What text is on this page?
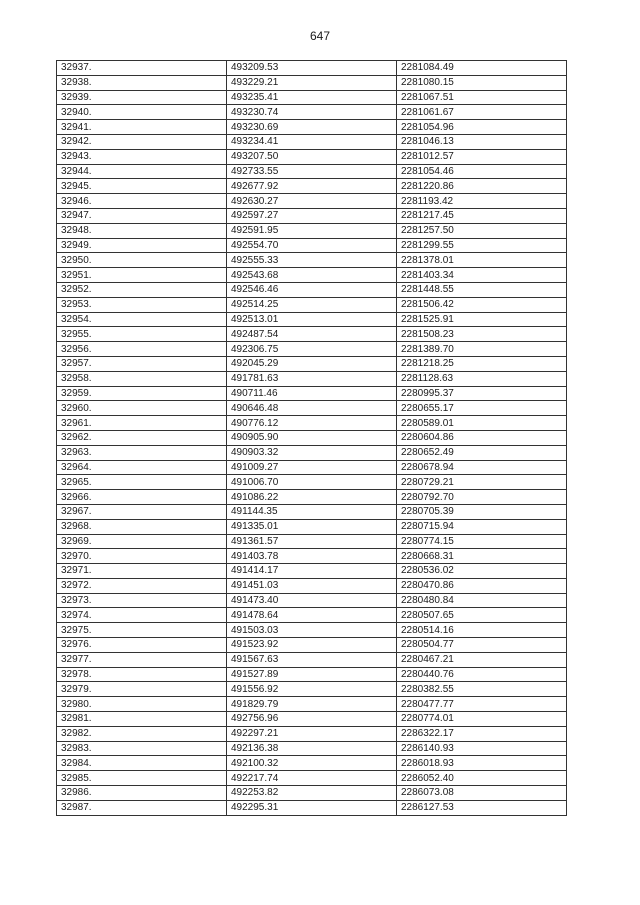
647
32937.	493209.53	2281084.49
32938.	493229.21	2281080.15
32939.	493235.41	2281067.51
32940.	493230.74	2281061.67
32941.	493230.69	2281054.96
32942.	493234.41	2281046.13
32943.	493207.50	2281012.57
32944.	492733.55	2281054.46
32945.	492677.92	2281220.86
32946.	492630.27	2281193.42
32947.	492597.27	2281217.45
32948.	492591.95	2281257.50
32949.	492554.70	2281299.55
32950.	492555.33	2281378.01
32951.	492543.68	2281403.34
32952.	492546.46	2281448.55
32953.	492514.25	2281506.42
32954.	492513.01	2281525.91
32955.	492487.54	2281508.23
32956.	492306.75	2281389.70
32957.	492045.29	2281218.25
32958.	491781.63	2281128.63
32959.	490711.46	2280995.37
32960.	490646.48	2280655.17
32961.	490776.12	2280589.01
32962.	490905.90	2280604.86
32963.	490903.32	2280652.49
32964.	491009.27	2280678.94
32965.	491006.70	2280729.21
32966.	491086.22	2280792.70
32967.	491144.35	2280705.39
32968.	491335.01	2280715.94
32969.	491361.57	2280774.15
32970.	491403.78	2280668.31
32971.	491414.17	2280536.02
32972.	491451.03	2280470.86
32973.	491473.40	2280480.84
32974.	491478.64	2280507.65
32975.	491503.03	2280514.16
32976.	491523.92	2280504.77
32977.	491567.63	2280467.21
32978.	491527.89	2280440.76
32979.	491556.92	2280382.55
32980.	491829.79	2280477.77
32981.	492756.96	2280774.01
32982.	492297.21	2286322.17
32983.	492136.38	2286140.93
32984.	492100.32	2286018.93
32985.	492217.74	2286052.40
32986.	492253.82	2286073.08
32987.	492295.31	2286127.53
